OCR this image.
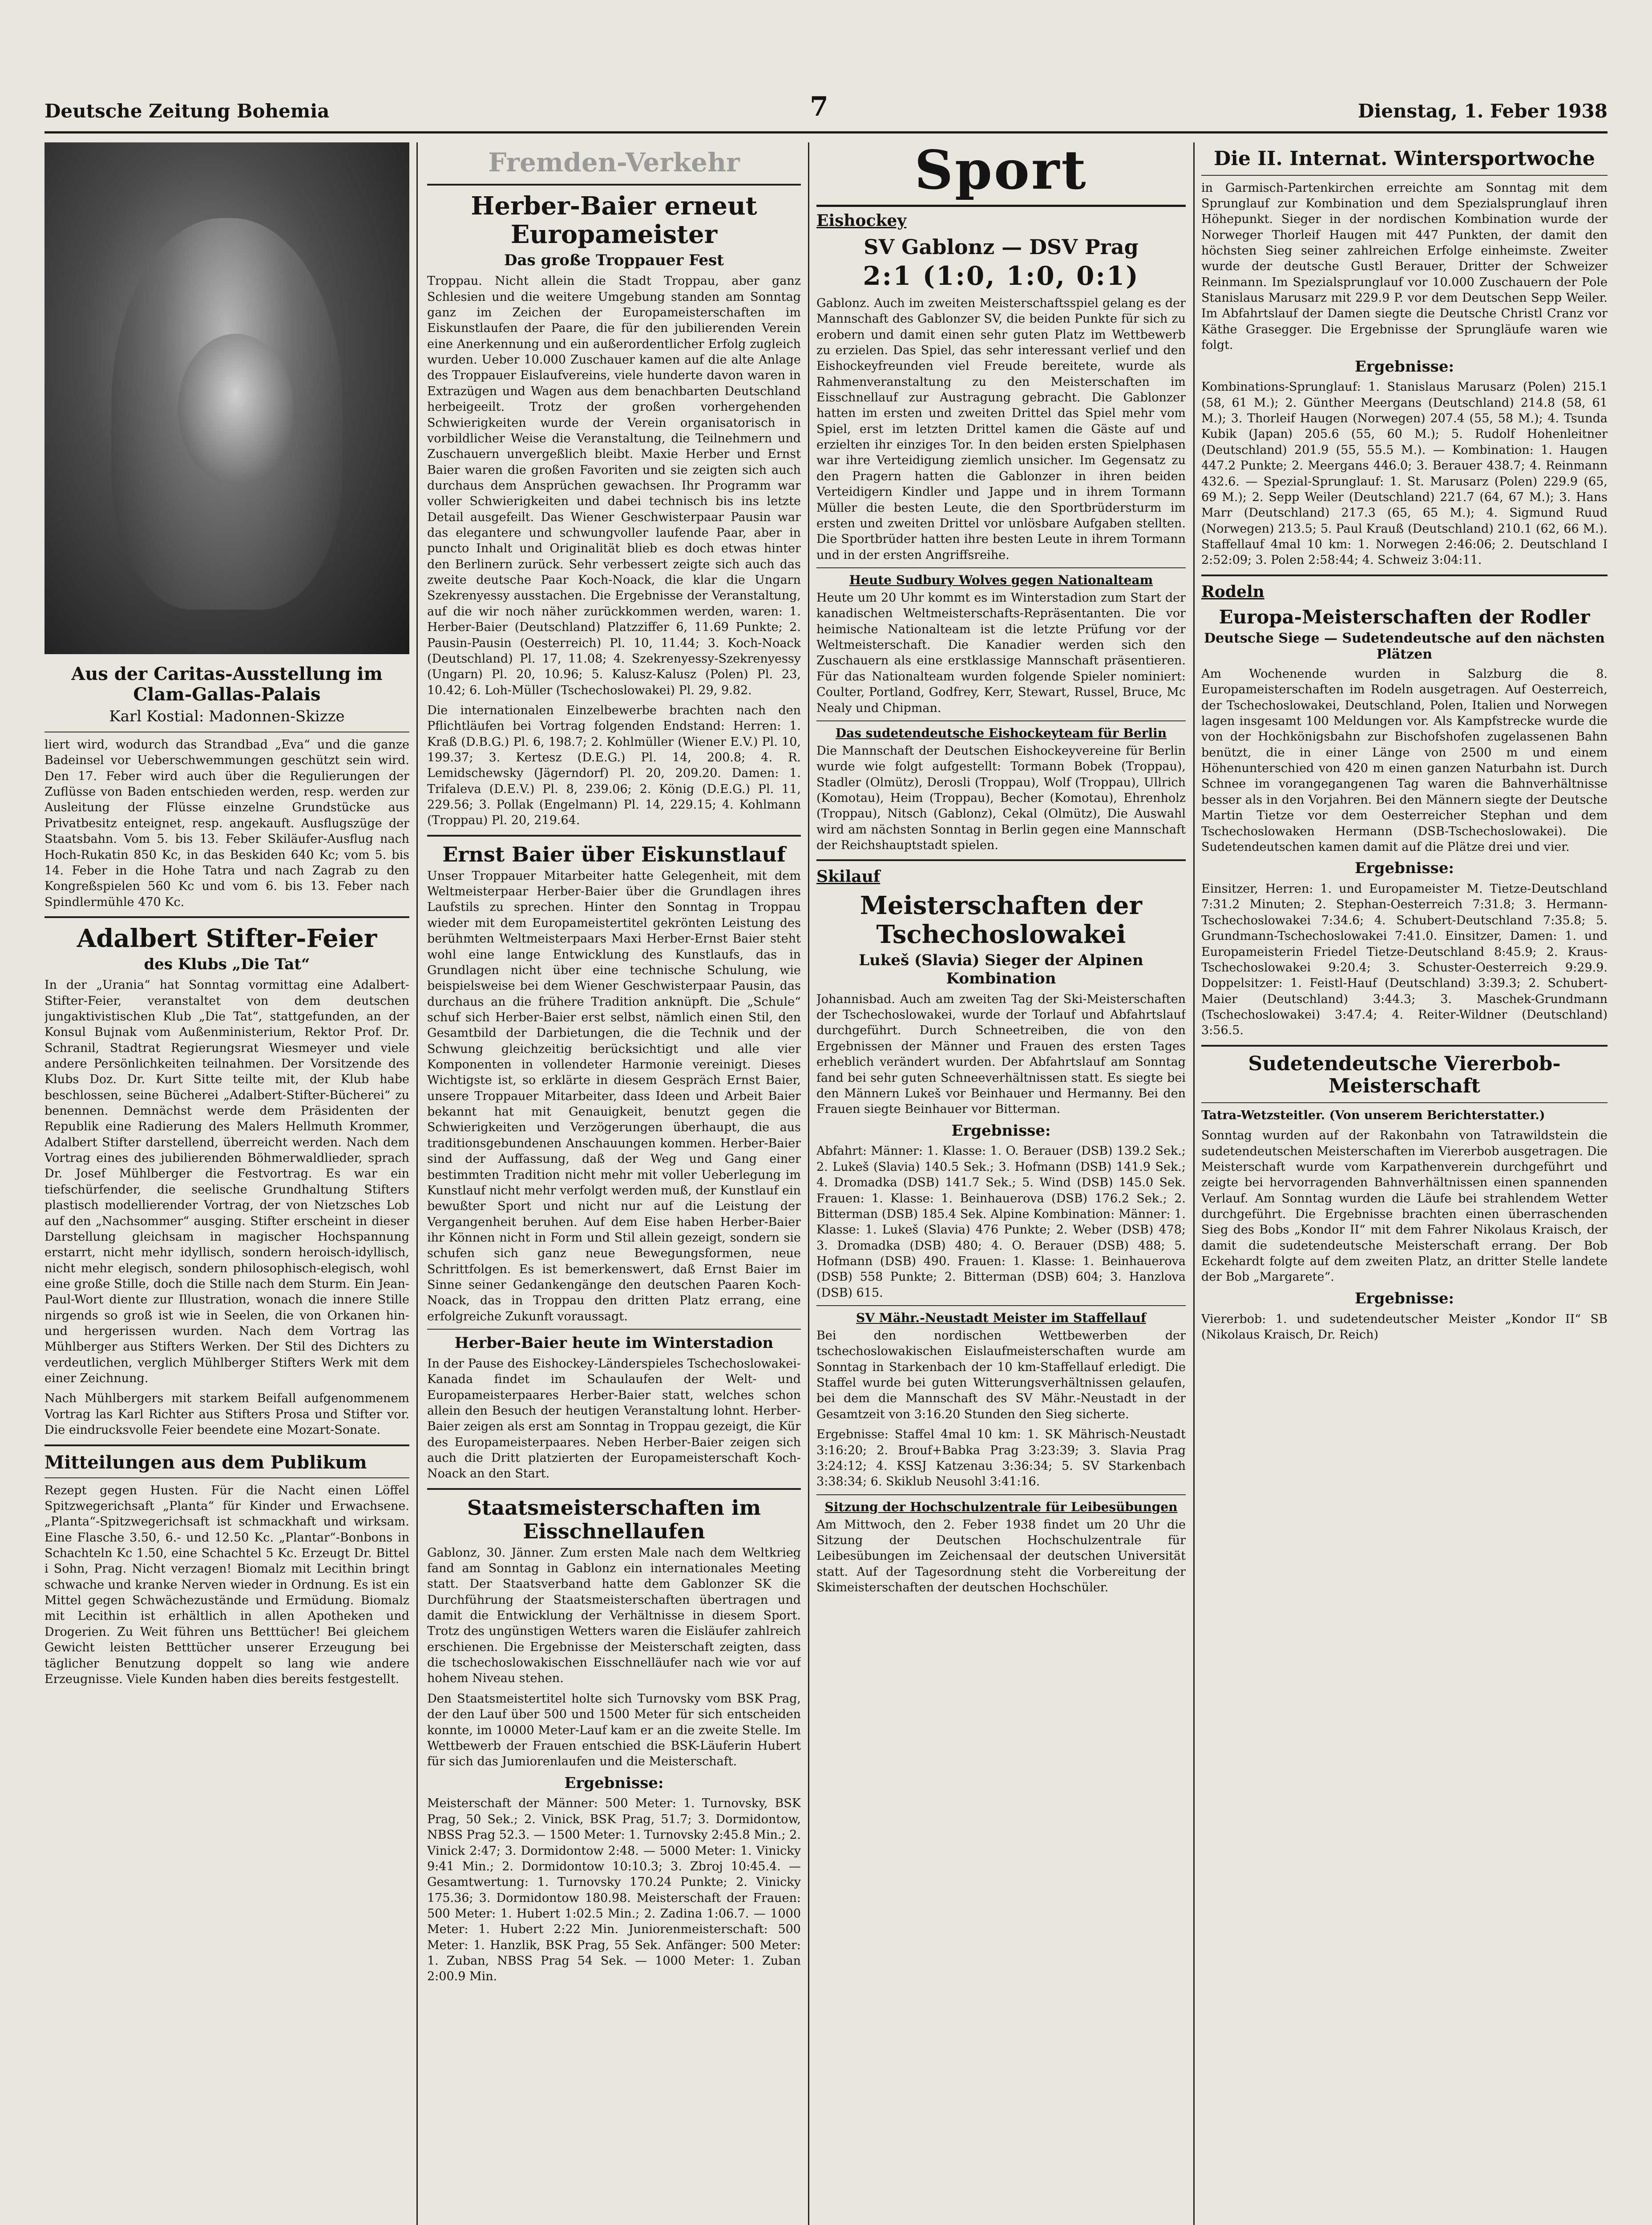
Deutsche Zeitung Bohemia	7	Dienstag, 1. Feber 1938
Aus der Caritas-Ausstellung im Clam-Gallas-Palais
Karl Kostial: Madonnen-Skizze

liert wird, wodurch das Strandbad „Eva“ und die ganze Badeinsel vor Ueberschwemmungen geschützt sein wird. Den 17. Feber wird auch über die Regulierungen der Zuflüsse von Baden entschieden werden, resp. werden zur Ausleitung der Flüsse einzelne Grundstücke aus Privatbesitz enteignet, resp. angekauft. Ausflugszüge der Staatsbahn. Vom 5. bis 13. Feber Skiläufer-Ausflug nach Hoch-Rukatin 850 Kc, in das Beskiden 640 Kc; vom 5. bis 14. Feber in die Hohe Tatra und nach Zagrab zu den Kongreßspielen 560 Kc und vom 6. bis 13. Feber nach Spindlermühle 470 Kc.

Adalbert Stifter-Feier
des Klubs „Die Tat“

In der „Urania“ hat Sonntag vormittag eine Adalbert-Stifter-Feier, veranstaltet von dem deutschen jungaktivistischen Klub „Die Tat“, stattgefunden, an der Konsul Bujnak vom Außenministerium, Rektor Prof. Dr. Schranil, Stadtrat Regierungsrat Wiesmeyer und viele andere Persönlichkeiten teilnahmen. Der Vorsitzende des Klubs Doz. Dr. Kurt Sitte teilte mit, der Klub habe beschlossen, seine Bücherei „Adalbert-Stifter-Bücherei“ zu benennen. Demnächst werde dem Präsidenten der Republik eine Radierung des Malers Hellmuth Krommer, Adalbert Stifter darstellend, überreicht werden. Nach dem Vortrag eines des jubilierenden Böhmerwaldlieder, sprach Dr. Josef Mühlberger die Festvortrag. Es war ein tiefschürfender, die seelische Grundhaltung Stifters plastisch modellierender Vortrag, der von Nietzsches Lob auf den „Nachsommer“ ausging. Stifter erscheint in dieser Darstellung gleichsam in magischer Hochspannung erstarrt, nicht mehr idyllisch, sondern heroisch-idyllisch, nicht mehr elegisch, sondern philosophisch-elegisch, wohl eine große Stille, doch die Stille nach dem Sturm. Ein Jean-Paul-Wort diente zur Illustration, wonach die innere Stille nirgends so groß ist wie in Seelen, die von Orkanen hin- und hergerissen wurden. Nach dem Vortrag las Mühlberger aus Stifters Werken. Der Stil des Dichters zu verdeutlichen, verglich Mühlberger Stifters Werk mit dem einer Zeichnung.

Nach Mühlbergers mit starkem Beifall aufgenommenem Vortrag las Karl Richter aus Stifters Prosa und Stifter vor. Die eindrucksvolle Feier beendete eine Mozart-Sonate.

Mitteilungen aus dem Publikum

Rezept gegen Husten. Für die Nacht einen Löffel Spitzwegerichsaft „Planta“ für Kinder und Erwachsene. „Planta“-Spitzwegerichsaft ist schmackhaft und wirksam. Eine Flasche 3.50, 6.- und 12.50 Kc. „Plantar“-Bonbons in Schachteln Kc 1.50, eine Schachtel 5 Kc. Erzeugt Dr. Bittel i Sohn, Prag. Nicht verzagen! Biomalz mit Lecithin bringt schwache und kranke Nerven wieder in Ordnung. Es ist ein Mittel gegen Schwächezustände und Ermüdung. Biomalz mit Lecithin ist erhältlich in allen Apotheken und Drogerien. Zu Weit führen uns Betttücher! Bei gleichem Gewicht leisten Betttücher unserer Erzeugung bei täglicher Benutzung doppelt so lang wie andere Erzeugnisse. Viele Kunden haben dies bereits festgestellt.

Fremden-Verkehr
Herber-Baier erneut Europameister
Das große Troppauer Fest

Troppau. Nicht allein die Stadt Troppau, aber ganz Schlesien und die weitere Umgebung standen am Sonntag ganz im Zeichen der Europameisterschaften im Eiskunstlaufen der Paare, die für den jubilierenden Verein eine Anerkennung und ein außerordentlicher Erfolg zugleich wurden. Ueber 10.000 Zuschauer kamen auf die alte Anlage des Troppauer Eislaufvereins, viele hunderte davon waren in Extrazügen und Wagen aus dem benachbarten Deutschland herbeigeeilt. Trotz der großen vorhergehenden Schwierigkeiten wurde der Verein organisatorisch in vorbildlicher Weise die Veranstaltung, die Teilnehmern und Zuschauern unvergeßlich bleibt. Maxie Herber und Ernst Baier waren die großen Favoriten und sie zeigten sich auch durchaus dem Ansprüchen gewachsen. Ihr Programm war voller Schwierigkeiten und dabei technisch bis ins letzte Detail ausgefeilt. Das Wiener Geschwisterpaar Pausin war das elegantere und schwungvoller laufende Paar, aber in puncto Inhalt und Originalität blieb es doch etwas hinter den Berlinern zurück. Sehr verbessert zeigte sich auch das zweite deutsche Paar Koch-Noack, die klar die Ungarn Szekrenyessy ausstachen. Die Ergebnisse der Veranstaltung, auf die wir noch näher zurückkommen werden, waren: 1. Herber-Baier (Deutschland) Platzziffer 6, 11.69 Punkte; 2. Pausin-Pausin (Oesterreich) Pl. 10, 11.44; 3. Koch-Noack (Deutschland) Pl. 17, 11.08; 4. Szekrenyessy-Szekrenyessy (Ungarn) Pl. 20, 10.96; 5. Kalusz-Kalusz (Polen) Pl. 23, 10.42; 6. Loh-Müller (Tschechoslowakei) Pl. 29, 9.82.

Die internationalen Einzelbewerbe brachten nach den Pflichtläufen bei Vortrag folgenden Endstand: Herren: 1. Kraß (D.B.G.) Pl. 6, 198.7; 2. Kohlmüller (Wiener E.V.) Pl. 10, 199.37; 3. Kertesz (D.E.G.) Pl. 14, 200.8; 4. R. Lemidschewsky (Jägerndorf) Pl. 20, 209.20. Damen: 1. Trifaleva (D.E.V.) Pl. 8, 239.06; 2. König (D.E.G.) Pl. 11, 229.56; 3. Pollak (Engelmann) Pl. 14, 229.15; 4. Kohlmann (Troppau) Pl. 20, 219.64.

Ernst Baier über Eiskunstlauf

Unser Troppauer Mitarbeiter hatte Gelegenheit, mit dem Weltmeisterpaar Herber-Baier über die Grundlagen ihres Laufstils zu sprechen. Hinter den Sonntag in Troppau wieder mit dem Europameistertitel gekrönten Leistung des berühmten Weltmeisterpaars Maxi Herber-Ernst Baier steht wohl eine lange Entwicklung des Kunstlaufs, das in Grundlagen nicht über eine technische Schulung, wie beispielsweise bei dem Wiener Geschwisterpaar Pausin, das durchaus an die frühere Tradition anknüpft. Die „Schule“ schuf sich Herber-Baier erst selbst, nämlich einen Stil, den Gesamtbild der Darbietungen, die die Technik und der Schwung gleichzeitig berücksichtigt und alle vier Komponenten in vollendeter Harmonie vereinigt. Dieses Wichtigste ist, so erklärte in diesem Gespräch Ernst Baier, unsere Troppauer Mitarbeiter, dass Ideen und Arbeit Baier bekannt hat mit Genauigkeit, benutzt gegen die Schwierigkeiten und Verzögerungen überhaupt, die aus traditionsgebundenen Anschauungen kommen. Herber-Baier sind der Auffassung, daß der Weg und Gang einer bestimmten Tradition nicht mehr mit voller Ueberlegung im Kunstlauf nicht mehr verfolgt werden muß, der Kunstlauf ein bewußter Sport und nicht nur auf die Leistung der Vergangenheit beruhen. Auf dem Eise haben Herber-Baier ihr Können nicht in Form und Stil allein gezeigt, sondern sie schufen sich ganz neue Bewegungsformen, neue Schrittfolgen. Es ist bemerkenswert, daß Ernst Baier im Sinne seiner Gedankengänge den deutschen Paaren Koch-Noack, das in Troppau den dritten Platz errang, eine erfolgreiche Zukunft voraussagt.

Herber-Baier heute im Winterstadion

In der Pause des Eishockey-Länderspieles Tschechoslowakei-Kanada findet im Schaulaufen der Welt- und Europameisterpaares Herber-Baier statt, welches schon allein den Besuch der heutigen Veranstaltung lohnt. Herber-Baier zeigen als erst am Sonntag in Troppau gezeigt, die Kür des Europameisterpaares. Neben Herber-Baier zeigen sich auch die Dritt platzierten der Europameisterschaft Koch-Noack an den Start.

Staatsmeisterschaften im Eisschnellaufen

Gablonz, 30. Jänner. Zum ersten Male nach dem Weltkrieg fand am Sonntag in Gablonz ein internationales Meeting statt. Der Staatsverband hatte dem Gablonzer SK die Durchführung der Staatsmeisterschaften übertragen und damit die Entwicklung der Verhältnisse in diesem Sport. Trotz des ungünstigen Wetters waren die Eisläufer zahlreich erschienen. Die Ergebnisse der Meisterschaft zeigten, dass die tschechoslowakischen Eisschnelläufer nach wie vor auf hohem Niveau stehen.

Den Staatsmeistertitel holte sich Turnovsky vom BSK Prag, der den Lauf über 500 und 1500 Meter für sich entscheiden konnte, im 10000 Meter-Lauf kam er an die zweite Stelle. Im Wettbewerb der Frauen entschied die BSK-Läuferin Hubert für sich das Jumiorenlaufen und die Meisterschaft.

Ergebnisse:

Meisterschaft der Männer: 500 Meter: 1. Turnovsky, BSK Prag, 50 Sek.; 2. Vinick, BSK Prag, 51.7; 3. Dormidontow, NBSS Prag 52.3. — 1500 Meter: 1. Turnovsky 2:45.8 Min.; 2. Vinick 2:47; 3. Dormidontow 2:48. — 5000 Meter: 1. Vinicky 9:41 Min.; 2. Dormidontow 10:10.3; 3. Zbroj 10:45.4. — Gesamtwertung: 1. Turnovsky 170.24 Punkte; 2. Vinicky 175.36; 3. Dormidontow 180.98. Meisterschaft der Frauen: 500 Meter: 1. Hubert 1:02.5 Min.; 2. Zadina 1:06.7. — 1000 Meter: 1. Hubert 2:22 Min. Juniorenmeisterschaft: 500 Meter: 1. Hanzlik, BSK Prag, 55 Sek. Anfänger: 500 Meter: 1. Zuban, NBSS Prag 54 Sek. — 1000 Meter: 1. Zuban 2:00.9 Min.

Sport
Eishockey
SV Gablonz — DSV Prag
2:1 (1:0, 1:0, 0:1)

Gablonz. Auch im zweiten Meisterschaftsspiel gelang es der Mannschaft des Gablonzer SV, die beiden Punkte für sich zu erobern und damit einen sehr guten Platz im Wettbewerb zu erzielen. Das Spiel, das sehr interessant verlief und den Eishockeyfreunden viel Freude bereitete, wurde als Rahmenveranstaltung zu den Meisterschaften im Eisschnellauf zur Austragung gebracht. Die Gablonzer hatten im ersten und zweiten Drittel das Spiel mehr vom Spiel, erst im letzten Drittel kamen die Gäste auf und erzielten ihr einziges Tor. In den beiden ersten Spielphasen war ihre Verteidigung ziemlich unsicher. Im Gegensatz zu den Pragern hatten die Gablonzer in ihren beiden Verteidigern Kindler und Jappe und in ihrem Tormann Müller die besten Leute, die den Sportbrüdersturm im ersten und zweiten Drittel vor unlösbare Aufgaben stellten. Die Sportbrüder hatten ihre besten Leute in ihrem Tormann und in der ersten Angriffsreihe.

Heute Sudbury Wolves gegen Nationalteam

Heute um 20 Uhr kommt es im Winterstadion zum Start der kanadischen Weltmeisterschafts-Repräsentanten. Die vor heimische Nationalteam ist die letzte Prüfung vor der Weltmeisterschaft. Die Kanadier werden sich den Zuschauern als eine erstklassige Mannschaft präsentieren. Für das Nationalteam wurden folgende Spieler nominiert: Coulter, Portland, Godfrey, Kerr, Stewart, Russel, Bruce, Mc Nealy und Chipman.

Das sudetendeutsche Eishockeyteam für Berlin

Die Mannschaft der Deutschen Eishockeyvereine für Berlin wurde wie folgt aufgestellt: Tormann Bobek (Troppau), Stadler (Olmütz), Derosli (Troppau), Wolf (Troppau), Ullrich (Komotau), Heim (Troppau), Becher (Komotau), Ehrenholz (Troppau), Nitsch (Gablonz), Cekal (Olmütz), Die Auswahl wird am nächsten Sonntag in Berlin gegen eine Mannschaft der Reichshauptstadt spielen.

Skilauf
Meisterschaften der Tschechoslowakei
Lukeš (Slavia) Sieger der Alpinen Kombination

Johannisbad. Auch am zweiten Tag der Ski-Meisterschaften der Tschechoslowakei, wurde der Torlauf und Abfahrtslauf durchgeführt. Durch Schneetreiben, die von den Ergebnissen der Männer und Frauen des ersten Tages erheblich verändert wurden. Der Abfahrtslauf am Sonntag fand bei sehr guten Schneeverhältnissen statt. Es siegte bei den Männern Lukeš vor Beinhauer und Hermanny. Bei den Frauen siegte Beinhauer vor Bitterman.

Ergebnisse:

Abfahrt: Männer: 1. Klasse: 1. O. Berauer (DSB) 139.2 Sek.; 2. Lukeš (Slavia) 140.5 Sek.; 3. Hofmann (DSB) 141.9 Sek.; 4. Dromadka (DSB) 141.7 Sek.; 5. Wind (DSB) 145.0 Sek. Frauen: 1. Klasse: 1. Beinhauerova (DSB) 176.2 Sek.; 2. Bitterman (DSB) 185.4 Sek. Alpine Kombination: Männer: 1. Klasse: 1. Lukeš (Slavia) 476 Punkte; 2. Weber (DSB) 478; 3. Dromadka (DSB) 480; 4. O. Berauer (DSB) 488; 5. Hofmann (DSB) 490. Frauen: 1. Klasse: 1. Beinhauerova (DSB) 558 Punkte; 2. Bitterman (DSB) 604; 3. Hanzlova (DSB) 615.

SV Mähr.-Neustadt Meister im Staffellauf

Bei den nordischen Wettbewerben der tschechoslowakischen Eislaufmeisterschaften wurde am Sonntag in Starkenbach der 10 km-Staffellauf erledigt. Die Staffel wurde bei guten Witterungsverhältnissen gelaufen, bei dem die Mannschaft des SV Mähr.-Neustadt in der Gesamtzeit von 3:16.20 Stunden den Sieg sicherte.

Ergebnisse: Staffel 4mal 10 km: 1. SK Mährisch-Neustadt 3:16:20; 2. Brouf+Babka Prag 3:23:39; 3. Slavia Prag 3:24:12; 4. KSSJ Katzenau 3:36:34; 5. SV Starkenbach 3:38:34; 6. Skiklub Neusohl 3:41:16.

Sitzung der Hochschulzentrale für Leibesübungen

Am Mittwoch, den 2. Feber 1938 findet um 20 Uhr die Sitzung der Deutschen Hochschulzentrale für Leibesübungen im Zeichensaal der deutschen Universität statt. Auf der Tagesordnung steht die Vorbereitung der Skimeisterschaften der deutschen Hochschüler.

Die II. Internat. Wintersportwoche

in Garmisch-Partenkirchen erreichte am Sonntag mit dem Sprunglauf zur Kombination und dem Spezialsprunglauf ihren Höhepunkt. Sieger in der nordischen Kombination wurde der Norweger Thorleif Haugen mit 447 Punkten, der damit den höchsten Sieg seiner zahlreichen Erfolge einheimste. Zweiter wurde der deutsche Gustl Berauer, Dritter der Schweizer Reinmann. Im Spezialsprunglauf vor 10.000 Zuschauern der Pole Stanislaus Marusarz mit 229.9 P. vor dem Deutschen Sepp Weiler. Im Abfahrtslauf der Damen siegte die Deutsche Christl Cranz vor Käthe Grasegger. Die Ergebnisse der Sprungläufe waren wie folgt.

Ergebnisse:

Kombinations-Sprunglauf: 1. Stanislaus Marusarz (Polen) 215.1 (58, 61 M.); 2. Günther Meergans (Deutschland) 214.8 (58, 61 M.); 3. Thorleif Haugen (Norwegen) 207.4 (55, 58 M.); 4. Tsunda Kubik (Japan) 205.6 (55, 60 M.); 5. Rudolf Hohenleitner (Deutschland) 201.9 (55, 55.5 M.). — Kombination: 1. Haugen 447.2 Punkte; 2. Meergans 446.0; 3. Berauer 438.7; 4. Reinmann 432.6. — Spezial-Sprunglauf: 1. St. Marusarz (Polen) 229.9 (65, 69 M.); 2. Sepp Weiler (Deutschland) 221.7 (64, 67 M.); 3. Hans Marr (Deutschland) 217.3 (65, 65 M.); 4. Sigmund Ruud (Norwegen) 213.5; 5. Paul Krauß (Deutschland) 210.1 (62, 66 M.). Staffellauf 4mal 10 km: 1. Norwegen 2:46:06; 2. Deutschland I 2:52:09; 3. Polen 2:58:44; 4. Schweiz 3:04:11.

Rodeln
Europa-Meisterschaften der Rodler
Deutsche Siege — Sudetendeutsche auf den nächsten Plätzen

Am Wochenende wurden in Salzburg die 8. Europameisterschaften im Rodeln ausgetragen. Auf Oesterreich, der Tschechoslowakei, Deutschland, Polen, Italien und Norwegen lagen insgesamt 100 Meldungen vor. Als Kampfstrecke wurde die von der Hochkönigsbahn zur Bischofshofen zugelassenen Bahn benützt, die in einer Länge von 2500 m und einem Höhenunterschied von 420 m einen ganzen Naturbahn ist. Durch Schnee im vorangegangenen Tag waren die Bahnverhältnisse besser als in den Vorjahren. Bei den Männern siegte der Deutsche Martin Tietze vor dem Oesterreicher Stephan und dem Tschechoslowaken Hermann (DSB-Tschechoslowakei). Die Sudetendeutschen kamen damit auf die Plätze drei und vier.

Ergebnisse:

Einsitzer, Herren: 1. und Europameister M. Tietze-Deutschland 7:31.2 Minuten; 2. Stephan-Oesterreich 7:31.8; 3. Hermann-Tschechoslowakei 7:34.6; 4. Schubert-Deutschland 7:35.8; 5. Grundmann-Tschechoslowakei 7:41.0. Einsitzer, Damen: 1. und Europameisterin Friedel Tietze-Deutschland 8:45.9; 2. Kraus-Tschechoslowakei 9:20.4; 3. Schuster-Oesterreich 9:29.9. Doppelsitzer: 1. Feistl-Hauf (Deutschland) 3:39.3; 2. Schubert-Maier (Deutschland) 3:44.3; 3. Maschek-Grundmann (Tschechoslowakei) 3:47.4; 4. Reiter-Wildner (Deutschland) 3:56.5.

Sudetendeutsche Viererbob-Meisterschaft

Tatra-Wetzsteitler. (Von unserem Berichterstatter.)

Sonntag wurden auf der Rakonbahn von Tatrawildstein die sudetendeutschen Meisterschaften im Viererbob ausgetragen. Die Meisterschaft wurde vom Karpathenverein durchgeführt und zeigte bei hervorragenden Bahnverhältnissen einen spannenden Verlauf. Am Sonntag wurden die Läufe bei strahlendem Wetter durchgeführt. Die Ergebnisse brachten einen überraschenden Sieg des Bobs „Kondor II“ mit dem Fahrer Nikolaus Kraisch, der damit die sudetendeutsche Meisterschaft errang. Der Bob Eckehardt folgte auf dem zweiten Platz, an dritter Stelle landete der Bob „Margarete“.

Ergebnisse:

Viererbob: 1. und sudetendeutscher Meister „Kondor II“ SB (Nikolaus Kraisch, Dr. Reich)
